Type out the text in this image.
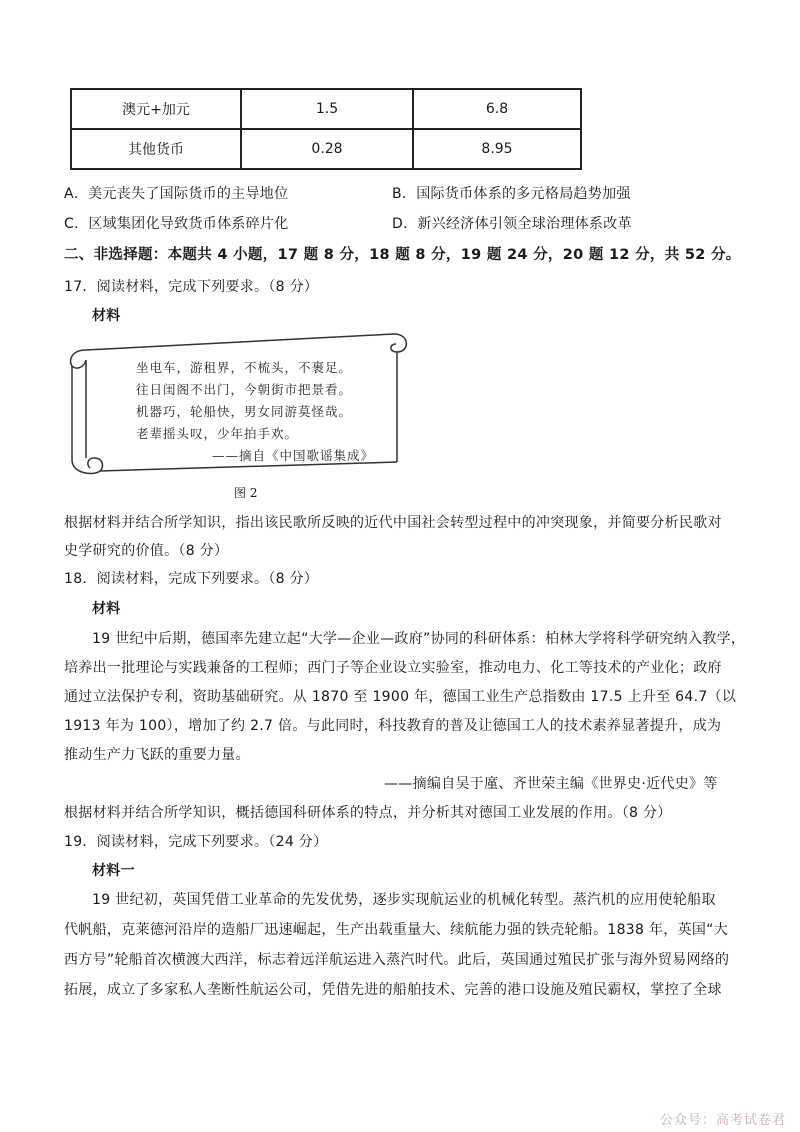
澳元+加元	1.5	6.8
其他货币	0.28	8.95
A．美元丧失了国际货币的主导地位	B．国际货币体系的多元格局趋势加强
C．区域集团化导致货币体系碎片化	D．新兴经济体引领全球治理体系改革
二、非选择题：本题共 4 小题，17 题 8 分，18 题 8 分，19 题 24 分，20 题 12 分，共 52 分。
17．阅读材料，完成下列要求。（8 分）
材料
坐电车，游租界，不梳头，不裹足。
往日闺阁不出门，今朝街市把景看。
机器巧，轮船快，男女同游莫怪哉。
老辈摇头叹，少年拍手欢。
——摘自《中国歌谣集成》
图 2
根据材料并结合所学知识，指出该民歌所反映的近代中国社会转型过程中的冲突现象，并简要分析民歌对
史学研究的价值。（8 分）
18．阅读材料，完成下列要求。（8 分）
材料
19 世纪中后期，德国率先建立起“大学—企业—政府”协同的科研体系：柏林大学将科学研究纳入教学，
培养出一批理论与实践兼备的工程师；西门子等企业设立实验室，推动电力、化工等技术的产业化；政府
通过立法保护专利，资助基础研究。从 1870 至 1900 年，德国工业生产总指数由 17.5 上升至 64.7（以
1913 年为 100），增加了约 2.7 倍。与此同时，科技教育的普及让德国工人的技术素养显著提升，成为
推动生产力飞跃的重要力量。
——摘编自吴于廑、齐世荣主编《世界史·近代史》等
根据材料并结合所学知识，概括德国科研体系的特点，并分析其对德国工业发展的作用。（8 分）
19．阅读材料，完成下列要求。（24 分）
材料一
19 世纪初，英国凭借工业革命的先发优势，逐步实现航运业的机械化转型。蒸汽机的应用使轮船取
代帆船，克莱德河沿岸的造船厂迅速崛起，生产出载重量大、续航能力强的铁壳轮船。1838 年，英国“大
西方号”轮船首次横渡大西洋，标志着远洋航运进入蒸汽时代。此后，英国通过殖民扩张与海外贸易网络的
拓展，成立了多家私人垄断性航运公司，凭借先进的船舶技术、完善的港口设施及殖民霸权，掌控了全球
公众号：高考试卷君
